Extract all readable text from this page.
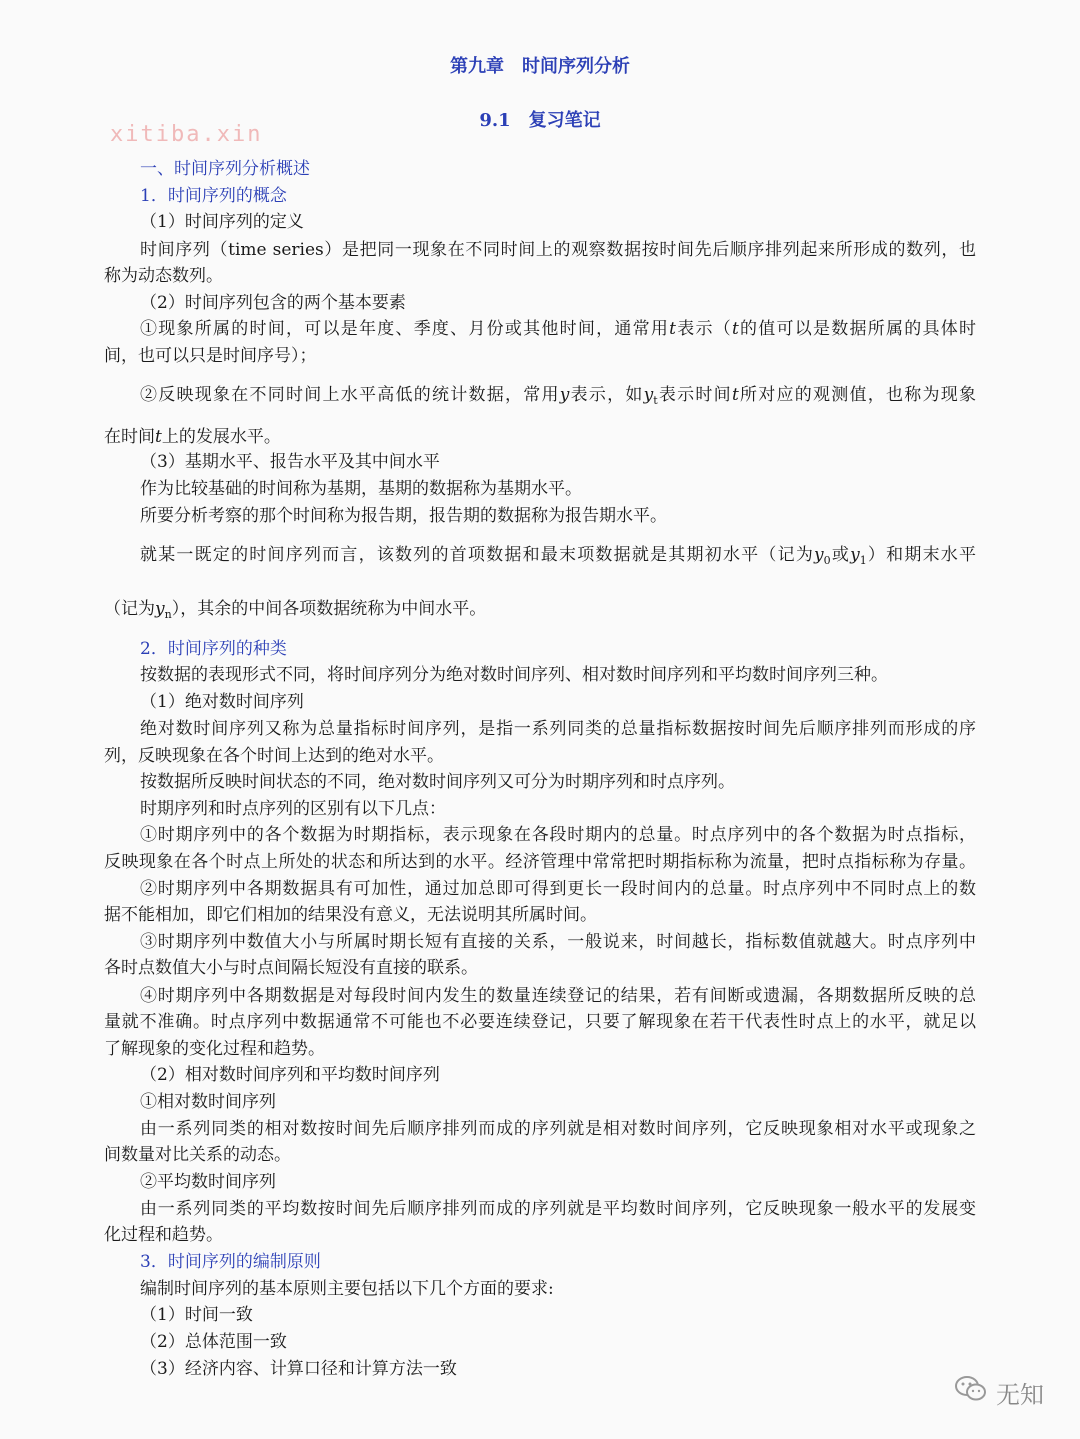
xitiba.xin
第九章　时间序列分析
9.1　复习笔记
一、时间序列分析概述
1．时间序列的概念
（1）时间序列的定义
时间序列（time series）是把同一现象在不同时间上的观察数据按时间先后顺序排列起来所形成的数列，也
称为动态数列。
（2）时间序列包含的两个基本要素
①现象所属的时间，可以是年度、季度、月份或其他时间，通常用t表示（t的值可以是数据所属的具体时
间，也可以只是时间序号）；
②反映现象在不同时间上水平高低的统计数据，常用y表示，如$y_t$表示时间t所对应的观测值，也称为现象
在时间t上的发展水平。
（3）基期水平、报告水平及其中间水平
作为比较基础的时间称为基期，基期的数据称为基期水平。
所要分析考察的那个时间称为报告期，报告期的数据称为报告期水平。
就某一既定的时间序列而言，该数列的首项数据和最末项数据就是其期初水平（记为$y_0$或$y_1$）和期末水平
（记为$y_n$），其余的中间各项数据统称为中间水平。
2．时间序列的种类
按数据的表现形式不同，将时间序列分为绝对数时间序列、相对数时间序列和平均数时间序列三种。
（1）绝对数时间序列
绝对数时间序列又称为总量指标时间序列，是指一系列同类的总量指标数据按时间先后顺序排列而形成的序
列，反映现象在各个时间上达到的绝对水平。
按数据所反映时间状态的不同，绝对数时间序列又可分为时期序列和时点序列。
时期序列和时点序列的区别有以下几点：
①时期序列中的各个数据为时期指标，表示现象在各段时期内的总量。时点序列中的各个数据为时点指标，
反映现象在各个时点上所处的状态和所达到的水平。经济管理中常常把时期指标称为流量，把时点指标称为存量。
②时期序列中各期数据具有可加性，通过加总即可得到更长一段时间内的总量。时点序列中不同时点上的数
据不能相加，即它们相加的结果没有意义，无法说明其所属时间。
③时期序列中数值大小与所属时期长短有直接的关系，一般说来，时间越长，指标数值就越大。时点序列中
各时点数值大小与时点间隔长短没有直接的联系。
④时期序列中各期数据是对每段时间内发生的数量连续登记的结果，若有间断或遗漏，各期数据所反映的总
量就不准确。时点序列中数据通常不可能也不必要连续登记，只要了解现象在若干代表性时点上的水平，就足以
了解现象的变化过程和趋势。
（2）相对数时间序列和平均数时间序列
①相对数时间序列
由一系列同类的相对数按时间先后顺序排列而成的序列就是相对数时间序列，它反映现象相对水平或现象之
间数量对比关系的动态。
②平均数时间序列
由一系列同类的平均数按时间先后顺序排列而成的序列就是平均数时间序列，它反映现象一般水平的发展变
化过程和趋势。
3．时间序列的编制原则
编制时间序列的基本原则主要包括以下几个方面的要求:
（1）时间一致
（2）总体范围一致
（3）经济内容、计算口径和计算方法一致
无知
